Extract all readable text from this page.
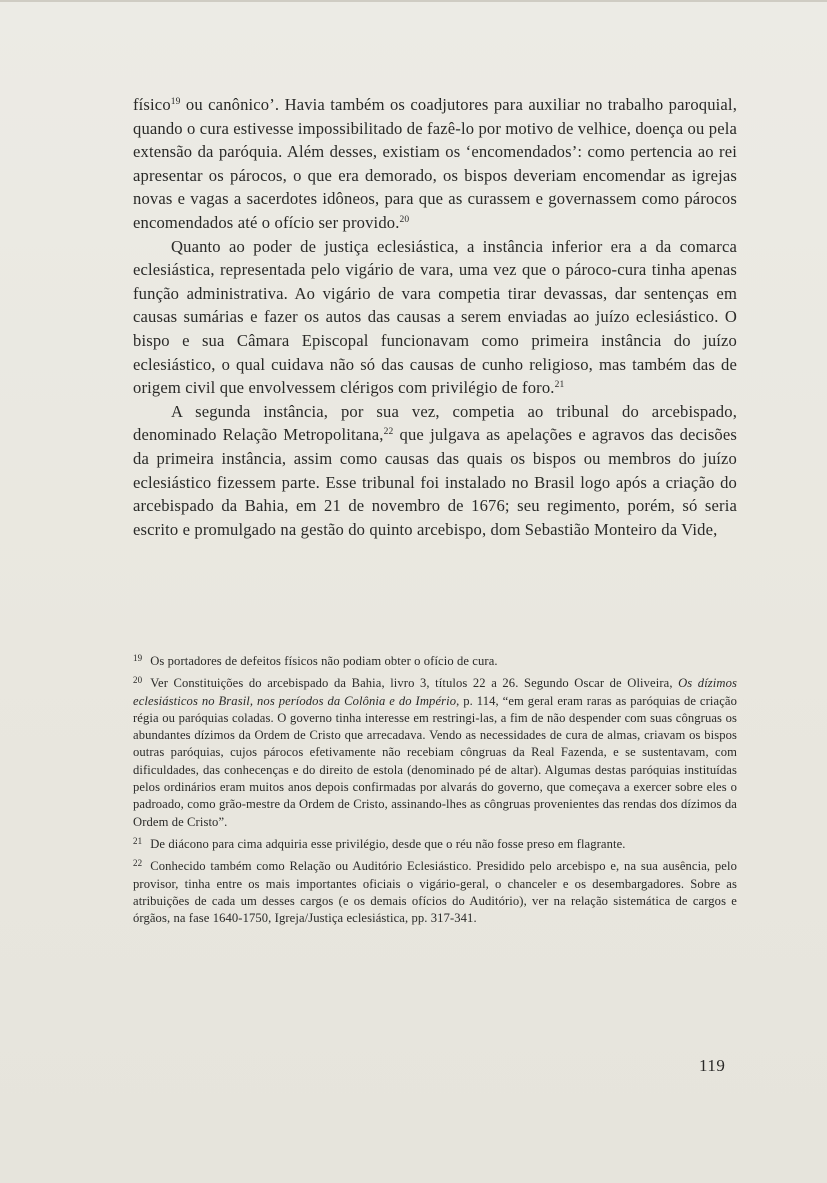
físico$^{19}$ ou canônico’. Havia também os coadjutores para auxiliar no trabalho paroquial, quando o cura estivesse impossibilitado de fazê-lo por motivo de velhice, doença ou pela extensão da paróquia. Além desses, existiam os ‘encomendados’: como pertencia ao rei apresentar os párocos, o que era demorado, os bispos deveriam encomendar as igrejas novas e vagas a sacerdotes idôneos, para que as curassem e governassem como párocos encomendados até o ofício ser provido.$^{20}$

Quanto ao poder de justiça eclesiástica, a instância inferior era a da comarca eclesiástica, representada pelo vigário de vara, uma vez que o pároco-cura tinha apenas função administrativa. Ao vigário de vara competia tirar devassas, dar sentenças em causas sumárias e fazer os autos das causas a serem enviadas ao juízo eclesiástico. O bispo e sua Câmara Episcopal funcionavam como primeira instância do juízo eclesiástico, o qual cuidava não só das causas de cunho religioso, mas também das de origem civil que envolvessem clérigos com privilégio de foro.$^{21}$

A segunda instância, por sua vez, competia ao tribunal do arcebispado, denominado Relação Metropolitana,$^{22}$ que julgava as apelações e agravos das decisões da primeira instância, assim como causas das quais os bispos ou membros do juízo eclesiástico fizessem parte. Esse tribunal foi instalado no Brasil logo após a criação do arcebispado da Bahia, em 21 de novembro de 1676; seu regimento, porém, só seria escrito e promulgado na gestão do quinto arcebispo, dom Sebastião Monteiro da Vide,

19 Os portadores de defeitos físicos não podiam obter o ofício de cura.

20 Ver Constituições do arcebispado da Bahia, livro 3, títulos 22 a 26. Segundo Oscar de Oliveira, Os dízimos eclesiásticos no Brasil, nos períodos da Colônia e do Império, p. 114, “em geral eram raras as paróquias de criação régia ou paróquias coladas. O governo tinha interesse em restringi-las, a fim de não despender com suas côngruas os abundantes dízimos da Ordem de Cristo que arrecadava. Vendo as necessidades de cura de almas, criavam os bispos outras paróquias, cujos párocos efetivamente não recebiam côngruas da Real Fazenda, e se sustentavam, com dificuldades, das conhecenças e do direito de estola (denominado pé de altar). Algumas destas paróquias instituídas pelos ordinários eram muitos anos depois confirmadas por alvarás do governo, que começava a exercer sobre eles o padroado, como grão-mestre da Ordem de Cristo, assinando-lhes as côngruas provenientes das rendas dos dízimos da Ordem de Cristo”.

21 De diácono para cima adquiria esse privilégio, desde que o réu não fosse preso em flagrante.

22 Conhecido também como Relação ou Auditório Eclesiástico. Presidido pelo arcebispo e, na sua ausência, pelo provisor, tinha entre os mais importantes oficiais o vigário-geral, o chanceler e os desembargadores. Sobre as atribuições de cada um desses cargos (e os demais ofícios do Auditório), ver na relação sistemática de cargos e órgãos, na fase 1640-1750, Igreja/Justiça eclesiástica, pp. 317-341.

119
